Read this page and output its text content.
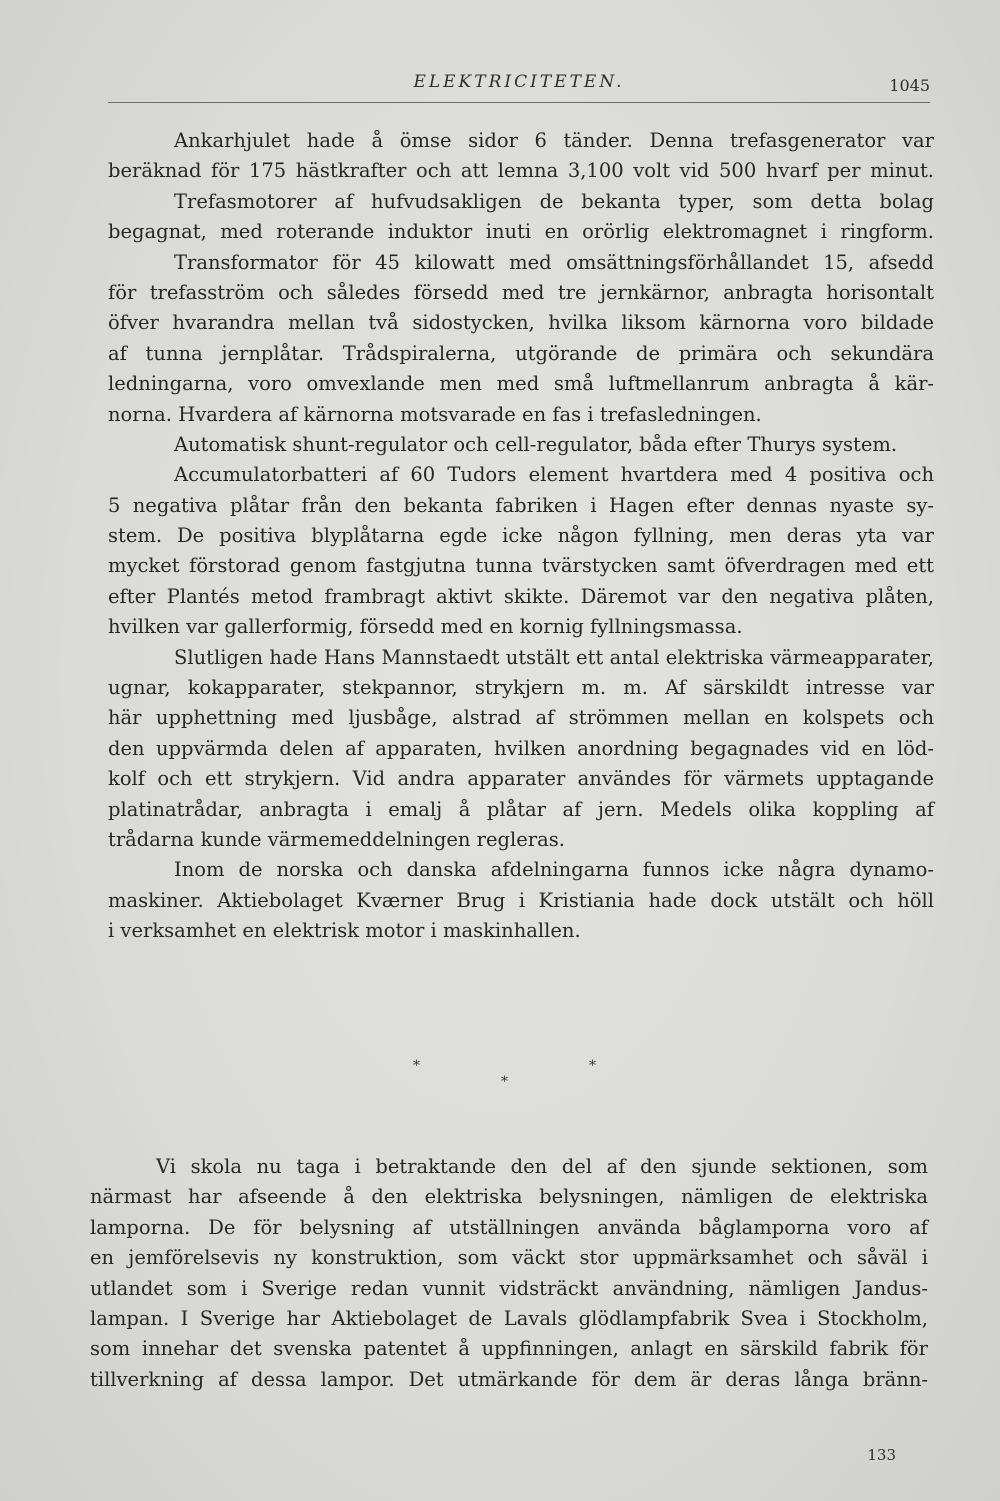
ELEKTRICITETEN.	1045
Ankarhjulet hade å ömse sidor 6 tänder. Denna trefasgenerator var
beräknad för 175 hästkrafter och att lemna 3,100 volt vid 500 hvarf per minut.
Trefasmotorer af hufvudsakligen de bekanta typer, som detta bolag
begagnat, med roterande induktor inuti en orörlig elektromagnet i ringform.
Transformator för 45 kilowatt med omsättningsförhållandet 15, afsedd
för trefasström och således försedd med tre jernkärnor, anbragta horisontalt
öfver hvarandra mellan två sidostycken, hvilka liksom kärnorna voro bildade
af tunna jernplåtar. Trådspiralerna, utgörande de primära och sekundära
ledningarna, voro omvexlande men med små luftmellanrum anbragta å kär-
norna. Hvardera af kärnorna motsvarade en fas i trefasledningen.
Automatisk shunt-regulator och cell-regulator, båda efter Thurys system.
Accumulatorbatteri af 60 Tudors element hvartdera med 4 positiva och
5 negativa plåtar från den bekanta fabriken i Hagen efter dennas nyaste sy-
stem. De positiva blyplåtarna egde icke någon fyllning, men deras yta var
mycket förstorad genom fastgjutna tunna tvärstycken samt öfverdragen med ett
efter Plantés metod frambragt aktivt skikte. Däremot var den negativa plåten,
hvilken var gallerformig, försedd med en kornig fyllningsmassa.
Slutligen hade Hans Mannstaedt utstält ett antal elektriska värmeapparater,
ugnar, kokapparater, stekpannor, strykjern m. m. Af särskildt intresse var
här upphettning med ljusbåge, alstrad af strömmen mellan en kolspets och
den uppvärmda delen af apparaten, hvilken anordning begagnades vid en löd-
kolf och ett strykjern. Vid andra apparater användes för värmets upptagande
platinatrådar, anbragta i emalj å plåtar af jern. Medels olika koppling af
trådarna kunde värmemeddelningen regleras.
Inom de norska och danska afdelningarna funnos icke några dynamo-
maskiner. Aktiebolaget Kværner Brug i Kristiania hade dock utstält och höll
i verksamhet en elektrisk motor i maskinhallen.
*
*
*
Vi skola nu taga i betraktande den del af den sjunde sektionen, som
närmast har afseende å den elektriska belysningen, nämligen de elektriska
lamporna. De för belysning af utställningen använda båglamporna voro af
en jemförelsevis ny konstruktion, som väckt stor uppmärksamhet och såväl i
utlandet som i Sverige redan vunnit vidsträckt användning, nämligen Jandus-
lampan. I Sverige har Aktiebolaget de Lavals glödlampfabrik Svea i Stockholm,
som innehar det svenska patentet å uppfinningen, anlagt en särskild fabrik för
tillverkning af dessa lampor. Det utmärkande för dem är deras långa bränn-
133
